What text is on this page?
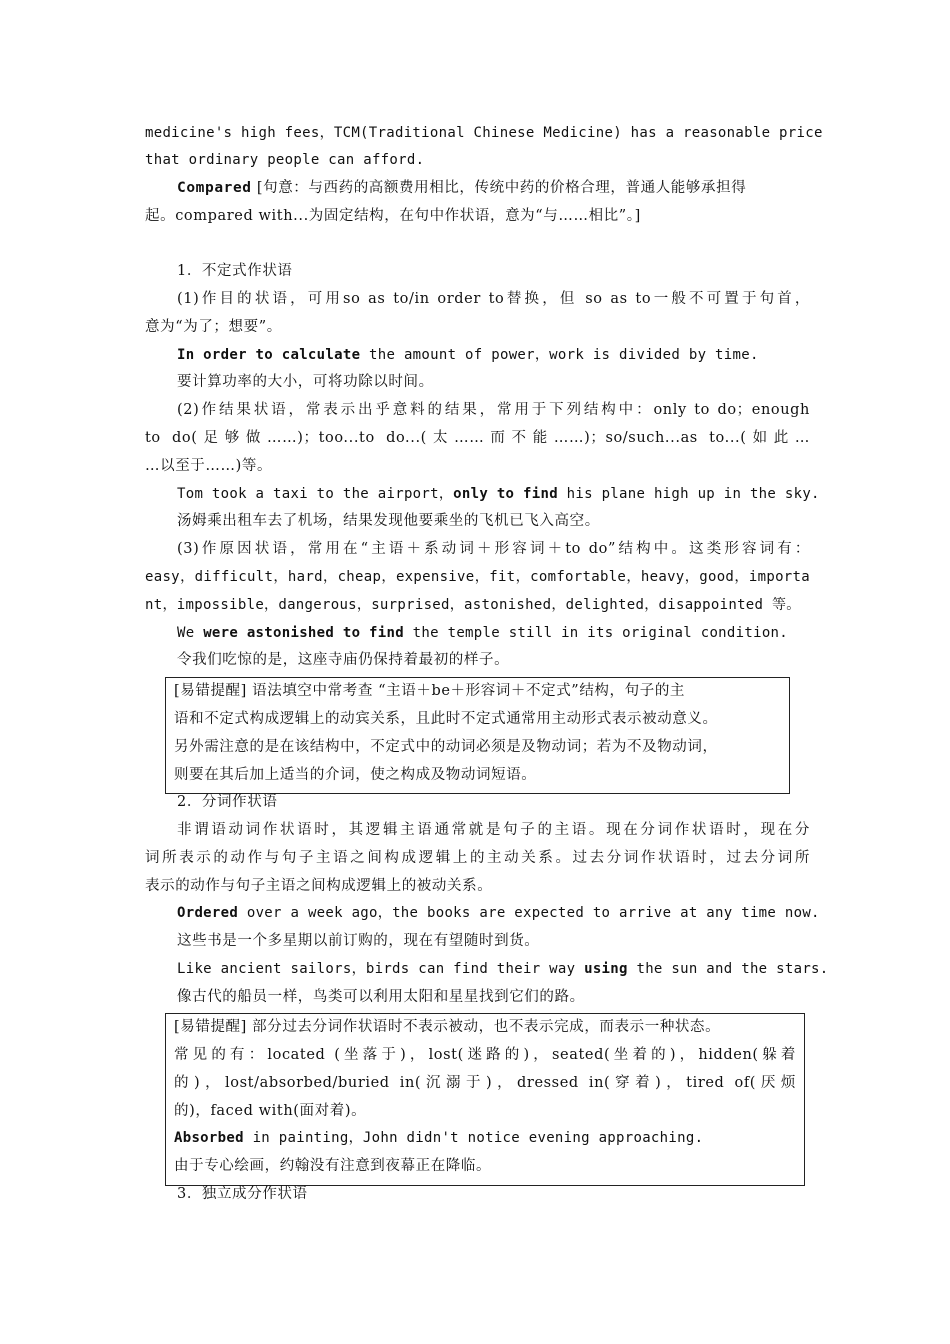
medicine's high fees，TCM(Traditional Chinese Medicine) has a reasonable price
that ordinary people can afford.
Compared [句意：与西药的高额费用相比，传统中药的价格合理，普通人能够承担得
起。compared with...为固定结构，在句中作状语，意为“与……相比”。]
1．不定式作状语
(1)作目的状语，可用so as to/in order to替换，但 so as to一般不可置于句首，
意为“为了；想要”。
In order to calculate the amount of power，work is divided by time.
要计算功率的大小，可将功除以时间。
(2)作结果状语，常表示出乎意料的结果，常用于下列结构中：only to do；enough
to do(足够做……)；too...to do...(太……而不能……)；so/such...as to...(如此…
…以至于……)等。
Tom took a taxi to the airport，only to find his plane high up in the sky.
汤姆乘出租车去了机场，结果发现他要乘坐的飞机已飞入高空。
(3)作原因状语，常用在“主语＋系动词＋形容词＋to do”结构中。这类形容词有：
easy，difficult，hard，cheap，expensive，fit，comfortable，heavy，good，importa
nt，impossible，dangerous，surprised，astonished，delighted，disappointed 等。
We were astonished to find the temple still in its original condition.
令我们吃惊的是，这座寺庙仍保持着最初的样子。
[易错提醒] 语法填空中常考查 “主语＋be＋形容词＋不定式”结构，句子的主
语和不定式构成逻辑上的动宾关系，且此时不定式通常用主动形式表示被动意义。
另外需注意的是在该结构中，不定式中的动词必须是及物动词；若为不及物动词，
则要在其后加上适当的介词，使之构成及物动词短语。
2．分词作状语
非谓语动词作状语时，其逻辑主语通常就是句子的主语。现在分词作状语时，现在分
词所表示的动作与句子主语之间构成逻辑上的主动关系。过去分词作状语时，过去分词所
表示的动作与句子主语之间构成逻辑上的被动关系。
Ordered over a week ago，the books are expected to arrive at any time now.
这些书是一个多星期以前订购的，现在有望随时到货。
Like ancient sailors，birds can find their way using the sun and the stars.
像古代的船员一样，鸟类可以利用太阳和星星找到它们的路。
[易错提醒] 部分过去分词作状语时不表示被动，也不表示完成，而表示一种状态。
常见的有：located (坐落于)，lost(迷路的)，seated(坐着的)，hidden(躲着
的)，lost/absorbed/buried in(沉溺于)，dressed in(穿着)，tired of(厌烦
的)，faced with(面对着)。
Absorbed in painting，John didn't notice evening approaching.
由于专心绘画，约翰没有注意到夜幕正在降临。
3．独立成分作状语
